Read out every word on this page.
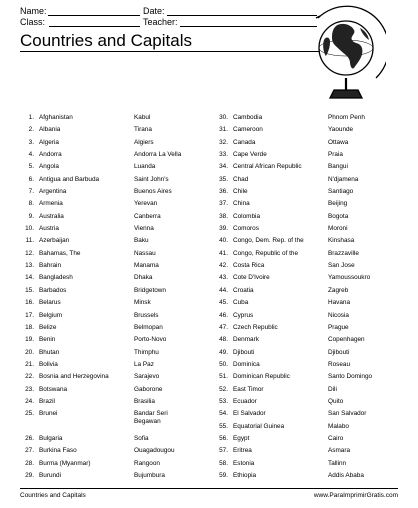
Name:	Date:
Class:	Teacher:
Countries and Capitals
1. Afghanistan	Kabul
2. Albania	Tirana
3. Algeria	Algiers
4. Andorra	Andorra La Vella
5. Angola	Luanda
6. Antigua and Barbuda	Saint John's
7. Argentina	Buenos Aires
8. Armenia	Yerevan
9. Australia	Canberra
10. Austria	Vienna
11. Azerbaijan	Baku
12. Bahamas, The	Nassau
13. Bahrain	Manama
14. Bangladesh	Dhaka
15. Barbados	Bridgetown
16. Belarus	Minsk
17. Belgium	Brussels
18. Belize	Belmopan
19. Benin	Porto-Novo
20. Bhutan	Thimphu
21. Bolivia	La Paz
22. Bosnia and Herzegovina	Sarajevo
23. Botswana	Gaborone
24. Brazil	Brasilia
25. Brunei	Bandar Seri Begawan
26. Bulgaria	Sofia
27. Burkina Faso	Ouagadougou
28. Burma (Myanmar)	Rangoon
29. Burundi	Bujumbura
30. Cambodia	Phnom Penh
31. Cameroon	Yaounde
32. Canada	Ottawa
33. Cape Verde	Praia
34. Central African Republic	Bangui
35. Chad	N'djamena
36. Chile	Santiago
37. China	Beijing
38. Colombia	Bogota
39. Comoros	Moroni
40. Congo, Dem. Rep. of the	Kinshasa
41. Congo, Republic of the	Brazzaville
42. Costa Rica	San Jose
43. Cote D'Ivoire	Yamoussoukro
44. Croatia	Zagreb
45. Cuba	Havana
46. Cyprus	Nicosia
47. Czech Republic	Prague
48. Denmark	Copenhagen
49. Djibouti	Djibouti
50. Dominica	Roseau
51. Dominican Republic	Santo Domingo
52. East Timor	Dili
53. Ecuador	Quito
54. El Salvador	San Salvador
55. Equatorial Guinea	Malabo
56. Egypt	Cairo
57. Eritrea	Asmara
58. Estonia	Tallinn
59. Ethiopia	Addis Ababa
Countries and Capitals	www.ParaImprimirGratis.com
